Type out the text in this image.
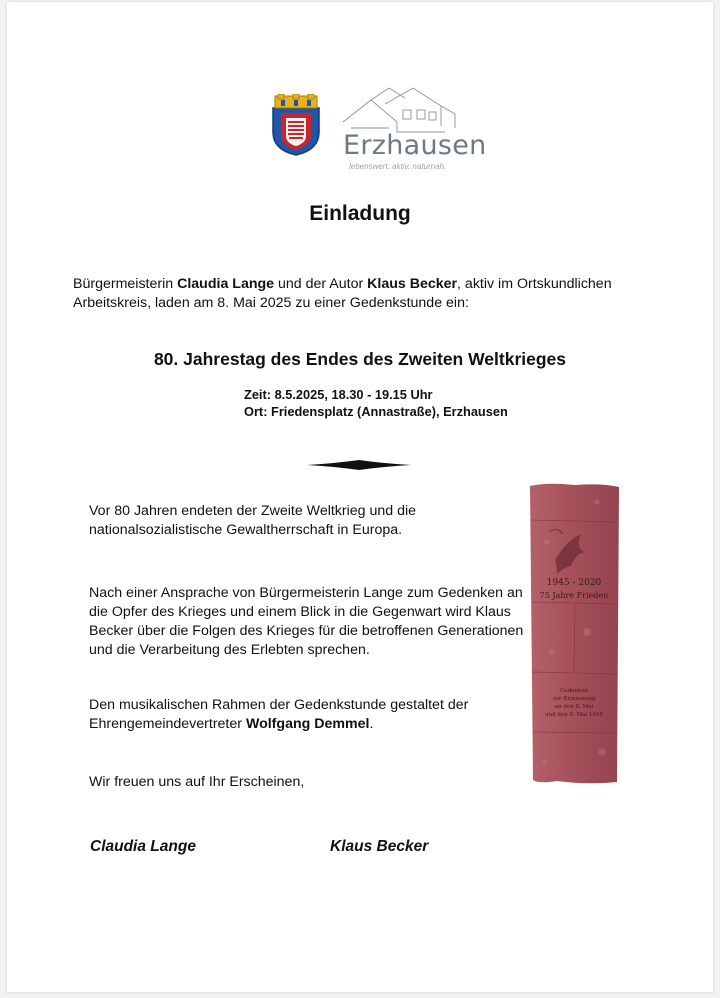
Erzhausen
lebenswert. aktiv. naturnah.
Einladung
Bürgermeisterin Claudia Lange und der Autor Klaus Becker, aktiv im Ortskundlichen Arbeitskreis, laden am 8. Mai 2025 zu einer Gedenkstunde ein:
80. Jahrestag des Endes des Zweiten Weltkrieges
Zeit: 8.5.2025, 18.30 - 19.15 Uhr
Ort: Friedensplatz (Annastraße), Erzhausen
Vor 80 Jahren endeten der Zweite Weltkrieg und die nationalsozialistische Gewaltherrschaft in Europa.
Nach einer Ansprache von Bürgermeisterin Lange zum Gedenken an die Opfer des Krieges und einem Blick in die Gegenwart wird Klaus Becker über die Folgen des Krieges für die betroffenen Generationen und die Verarbeitung des Erlebten sprechen.
Den musikalischen Rahmen der Gedenkstunde gestaltet der Ehrengemeindevertreter Wolfgang Demmel.
Wir freuen uns auf Ihr Erscheinen,
1945 - 2020
75 Jahre Frieden
Gedenken
zur Erinnerung
an den 8. Mai
und den 8. Mai 1945
Claudia Lange	Klaus Becker
